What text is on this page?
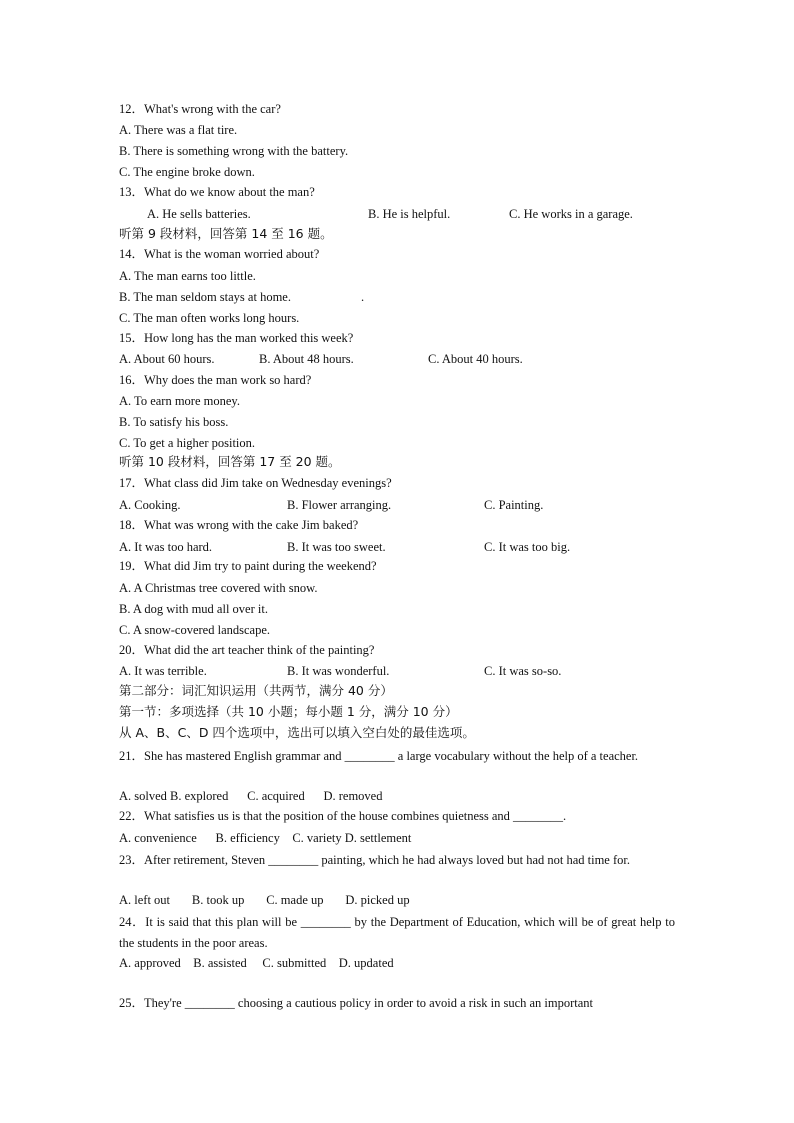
12．What's wrong with the car?
A. There was a flat tire.
B. There is something wrong with the battery.
C. The engine broke down.
13．What do we know about the man?
A. He sells batteries.	B. He is helpful.	C. He works in a garage.
听第 9 段材料，回答第 14 至 16 题。
14．What is the woman worried about?
A. The man earns too little.
B. The man seldom stays at home.	.
C. The man often works long hours.
15．How long has the man worked this week?
A. About 60 hours.	B. About 48 hours.	C. About 40 hours.
16．Why does the man work so hard?
A. To earn more money.
B. To satisfy his boss.
C. To get a higher position.
听第 10 段材料，回答第 17 至 20 题。
17．What class did Jim take on Wednesday evenings?
A. Cooking.	B. Flower arranging.	C. Painting.
18．What was wrong with the cake Jim baked?
A. It was too hard.	B. It was too sweet.	C. It was too big.
19．What did Jim try to paint during the weekend?
A. A Christmas tree covered with snow.
B. A dog with mud all over it.
C. A snow-covered landscape.
20．What did the art teacher think of the painting?
A. It was terrible.	B. It was wonderful.	C. It was so-so.
第二部分：词汇知识运用（共两节，满分 40 分）
第一节：多项选择（共 10 小题；每小题 1 分，满分 10 分）
从 A、B、C、D 四个选项中，选出可以填入空白处的最佳选项。
21．She has mastered English grammar and ________ a large vocabulary without the help of a teacher.
A. solved B. explored      C. acquired      D. removed
22．What satisfies us is that the position of the house combines quietness and ________.
A. convenience      B. efficiency    C. variety D. settlement
23．After retirement, Steven ________ painting, which he had always loved but had not had time for.
A. left out       B. took up       C. made up       D. picked up
24．It is said that this plan will be ________ by the Department of Education, which will be of great help to the students in the poor areas.
A. approved    B. assisted     C. submitted    D. updated
25．They're ________ choosing a cautious policy in order to avoid a risk in such an important
